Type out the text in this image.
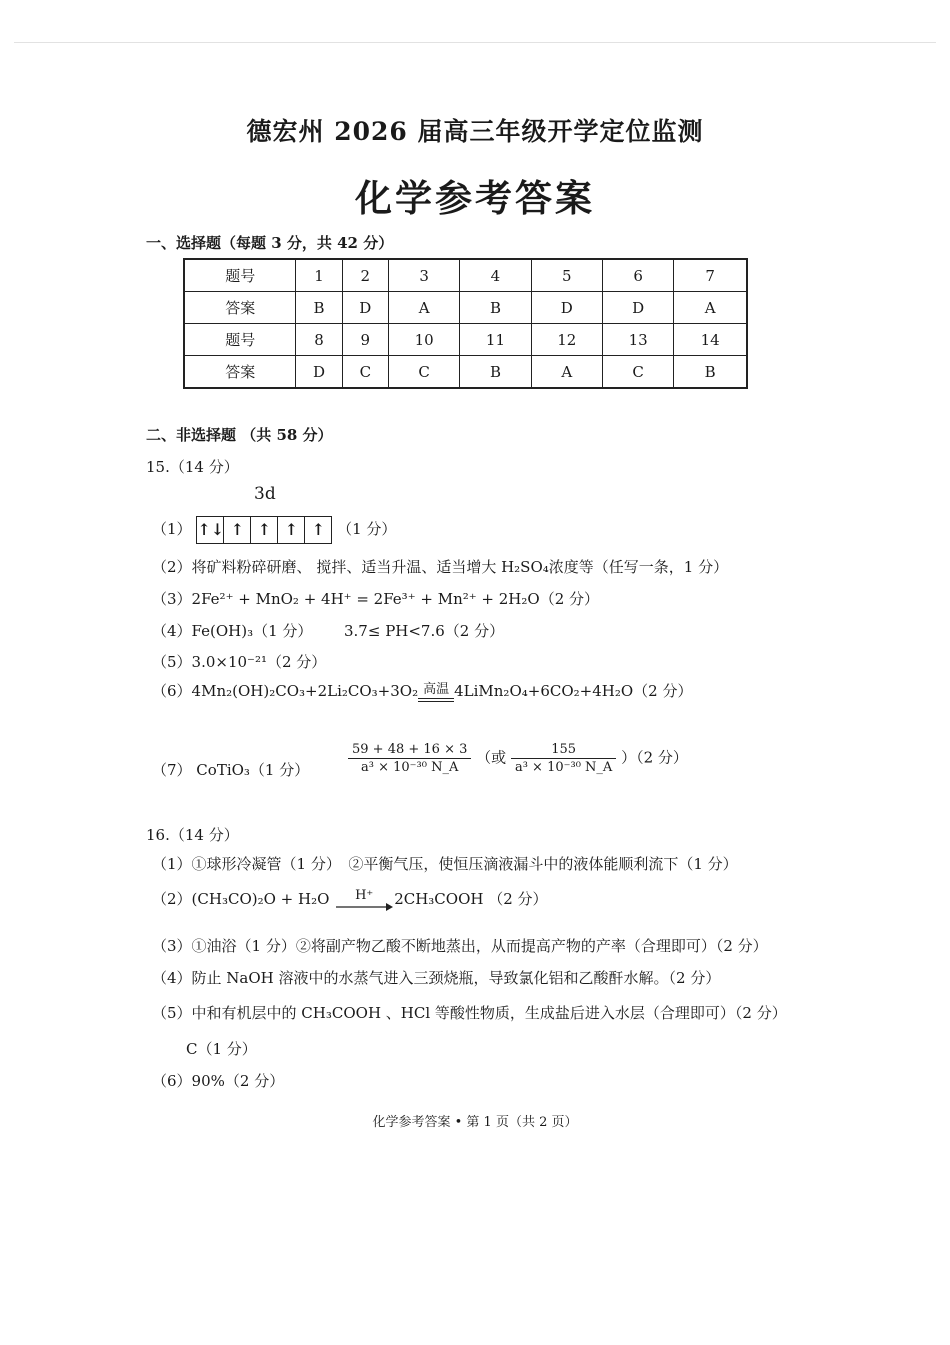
德宏州 2026 届高三年级开学定位监测
化学参考答案
一、选择题（每题 3 分，共 42 分）
题号	1	2	3	4	5	6	7
答案	B	D	A	B	D	D	A
题号	8	9	10	11	12	13	14
答案	D	C	C	B	A	C	B
二、非选择题 （共 58 分）
15.（14 分）
3d
（1） ↑↓ ↑ ↑ ↑ ↑ （1 分）
（2）将矿料粉碎研磨、 搅拌、适当升温、适当增大 H₂SO₄浓度等（任写一条，1 分）
（3）2Fe²⁺ + MnO₂ + 4H⁺ = 2Fe³⁺ + Mn²⁺ + 2H₂O（2 分）
（4）Fe(OH)₃（1 分） 3.7≤ PH<7.6（2 分）
（5）3.0×10⁻²¹（2 分）
（6）4Mn₂(OH)₂CO₃+2Li₂CO₃+3O₂ 高温 4LiMn₂O₄+6CO₂+4H₂O（2 分）
（7） CoTiO₃（1 分）	$\frac{59 + 48 + 16 \times 3}{\text{a³ × 10⁻³⁰ N\_A}}$ （或 $\frac{155}{\text{a³ × 10⁻³⁰ N\_A}} )(2$ 分）
16.（14 分）
（1）①球形冷凝管（1 分）　②平衡气压，使恒压滴液漏斗中的液体能顺利流下（1 分）
（2）(CH₃CO)₂O + H₂O	H⁺	2CH₃COOH （2 分）
（3）①油浴（1 分）②将副产物乙酸不断地蒸出，从而提高产物的产率（合理即可）（2 分）
（4）防止 NaOH 溶液中的水蒸气进入三颈烧瓶，导致氯化铝和乙酸酐水解。（2 分）
（5）中和有机层中的 CH₃COOH 、HCl 等酸性物质，生成盐后进入水层（合理即可）（2 分）
C（1 分）
（6）90%（2 分）
化学参考答案 • 第 1 页（共 2 页）
